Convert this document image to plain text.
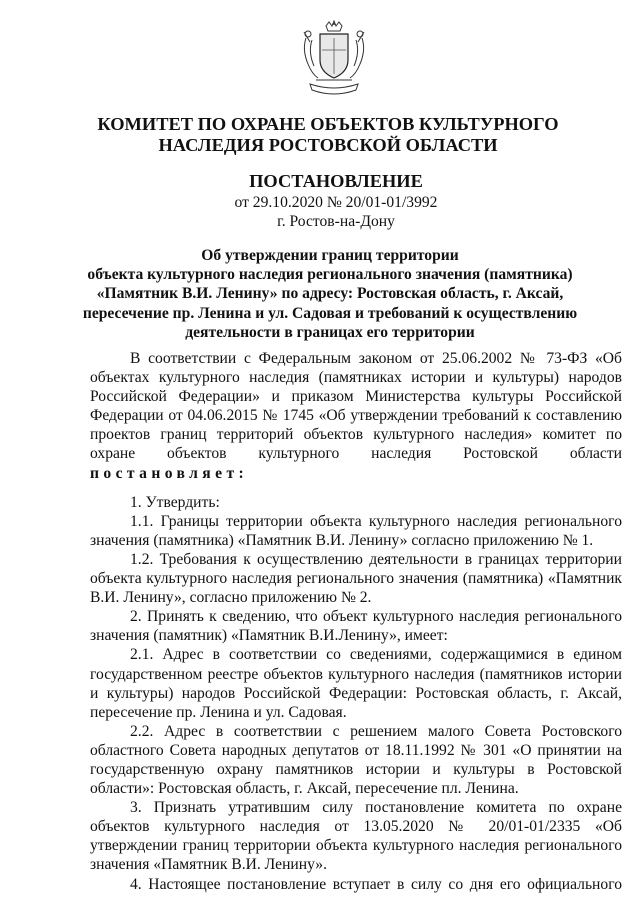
КОМИТЕТ ПО ОХРАНЕ ОБЪЕКТОВ КУЛЬТУРНОГО
НАСЛЕДИЯ РОСТОВСКОЙ ОБЛАСТИ
ПОСТАНОВЛЕНИЕ
от 29.10.2020 № 20/01-01/3992
г. Ростов-на-Дону
Об утверждении границ территории
объекта культурного наследия регионального значения (памятника)
«Памятник В.И. Ленину» по адресу: Ростовская область, г. Аксай,
пересечение пр. Ленина и ул. Садовая и требований к осуществлению
деятельности в границах его территории

В соответствии с Федеральным законом от 25.06.2002 № 73-ФЗ «Об объектах культурного наследия (памятниках истории и культуры) народов Российской Федерации» и приказом Министерства культуры Российской Федерации от 04.06.2015 № 1745 «Об утверждении требований к составлению проектов границ территорий объектов культурного наследия» комитет по охране объектов культурного наследия Ростовской области

постановляет:

1. Утвердить:

1.1. Границы территории объекта культурного наследия регионального значения (памятника) «Памятник В.И. Ленину» согласно приложению № 1.

1.2. Требования к осуществлению деятельности в границах территории объекта культурного наследия регионального значения (памятника) «Памятник В.И. Ленину», согласно приложению № 2.

2. Принять к сведению, что объект культурного наследия регионального значения (памятник) «Памятник В.И.Ленину», имеет:

2.1. Адрес в соответствии со сведениями, содержащимися в едином государственном реестре объектов культурного наследия (памятников истории и культуры) народов Российской Федерации: Ростовская область, г. Аксай, пересечение пр. Ленина и ул. Садовая.

2.2. Адрес в соответствии с решением малого Совета Ростовского областного Совета народных депутатов от 18.11.1992 № 301 «О принятии на государственную охрану памятников истории и культуры в Ростовской области»: Ростовская область, г. Аксай, пересечение пл. Ленина.

3. Признать утратившим силу постановление комитета по охране объектов культурного наследия от 13.05.2020 № 20/01-01/2335 «Об утверждении границ территории объекта культурного наследия регионального значения «Памятник В.И. Ленину».

4. Настоящее постановление вступает в силу со дня его официального
